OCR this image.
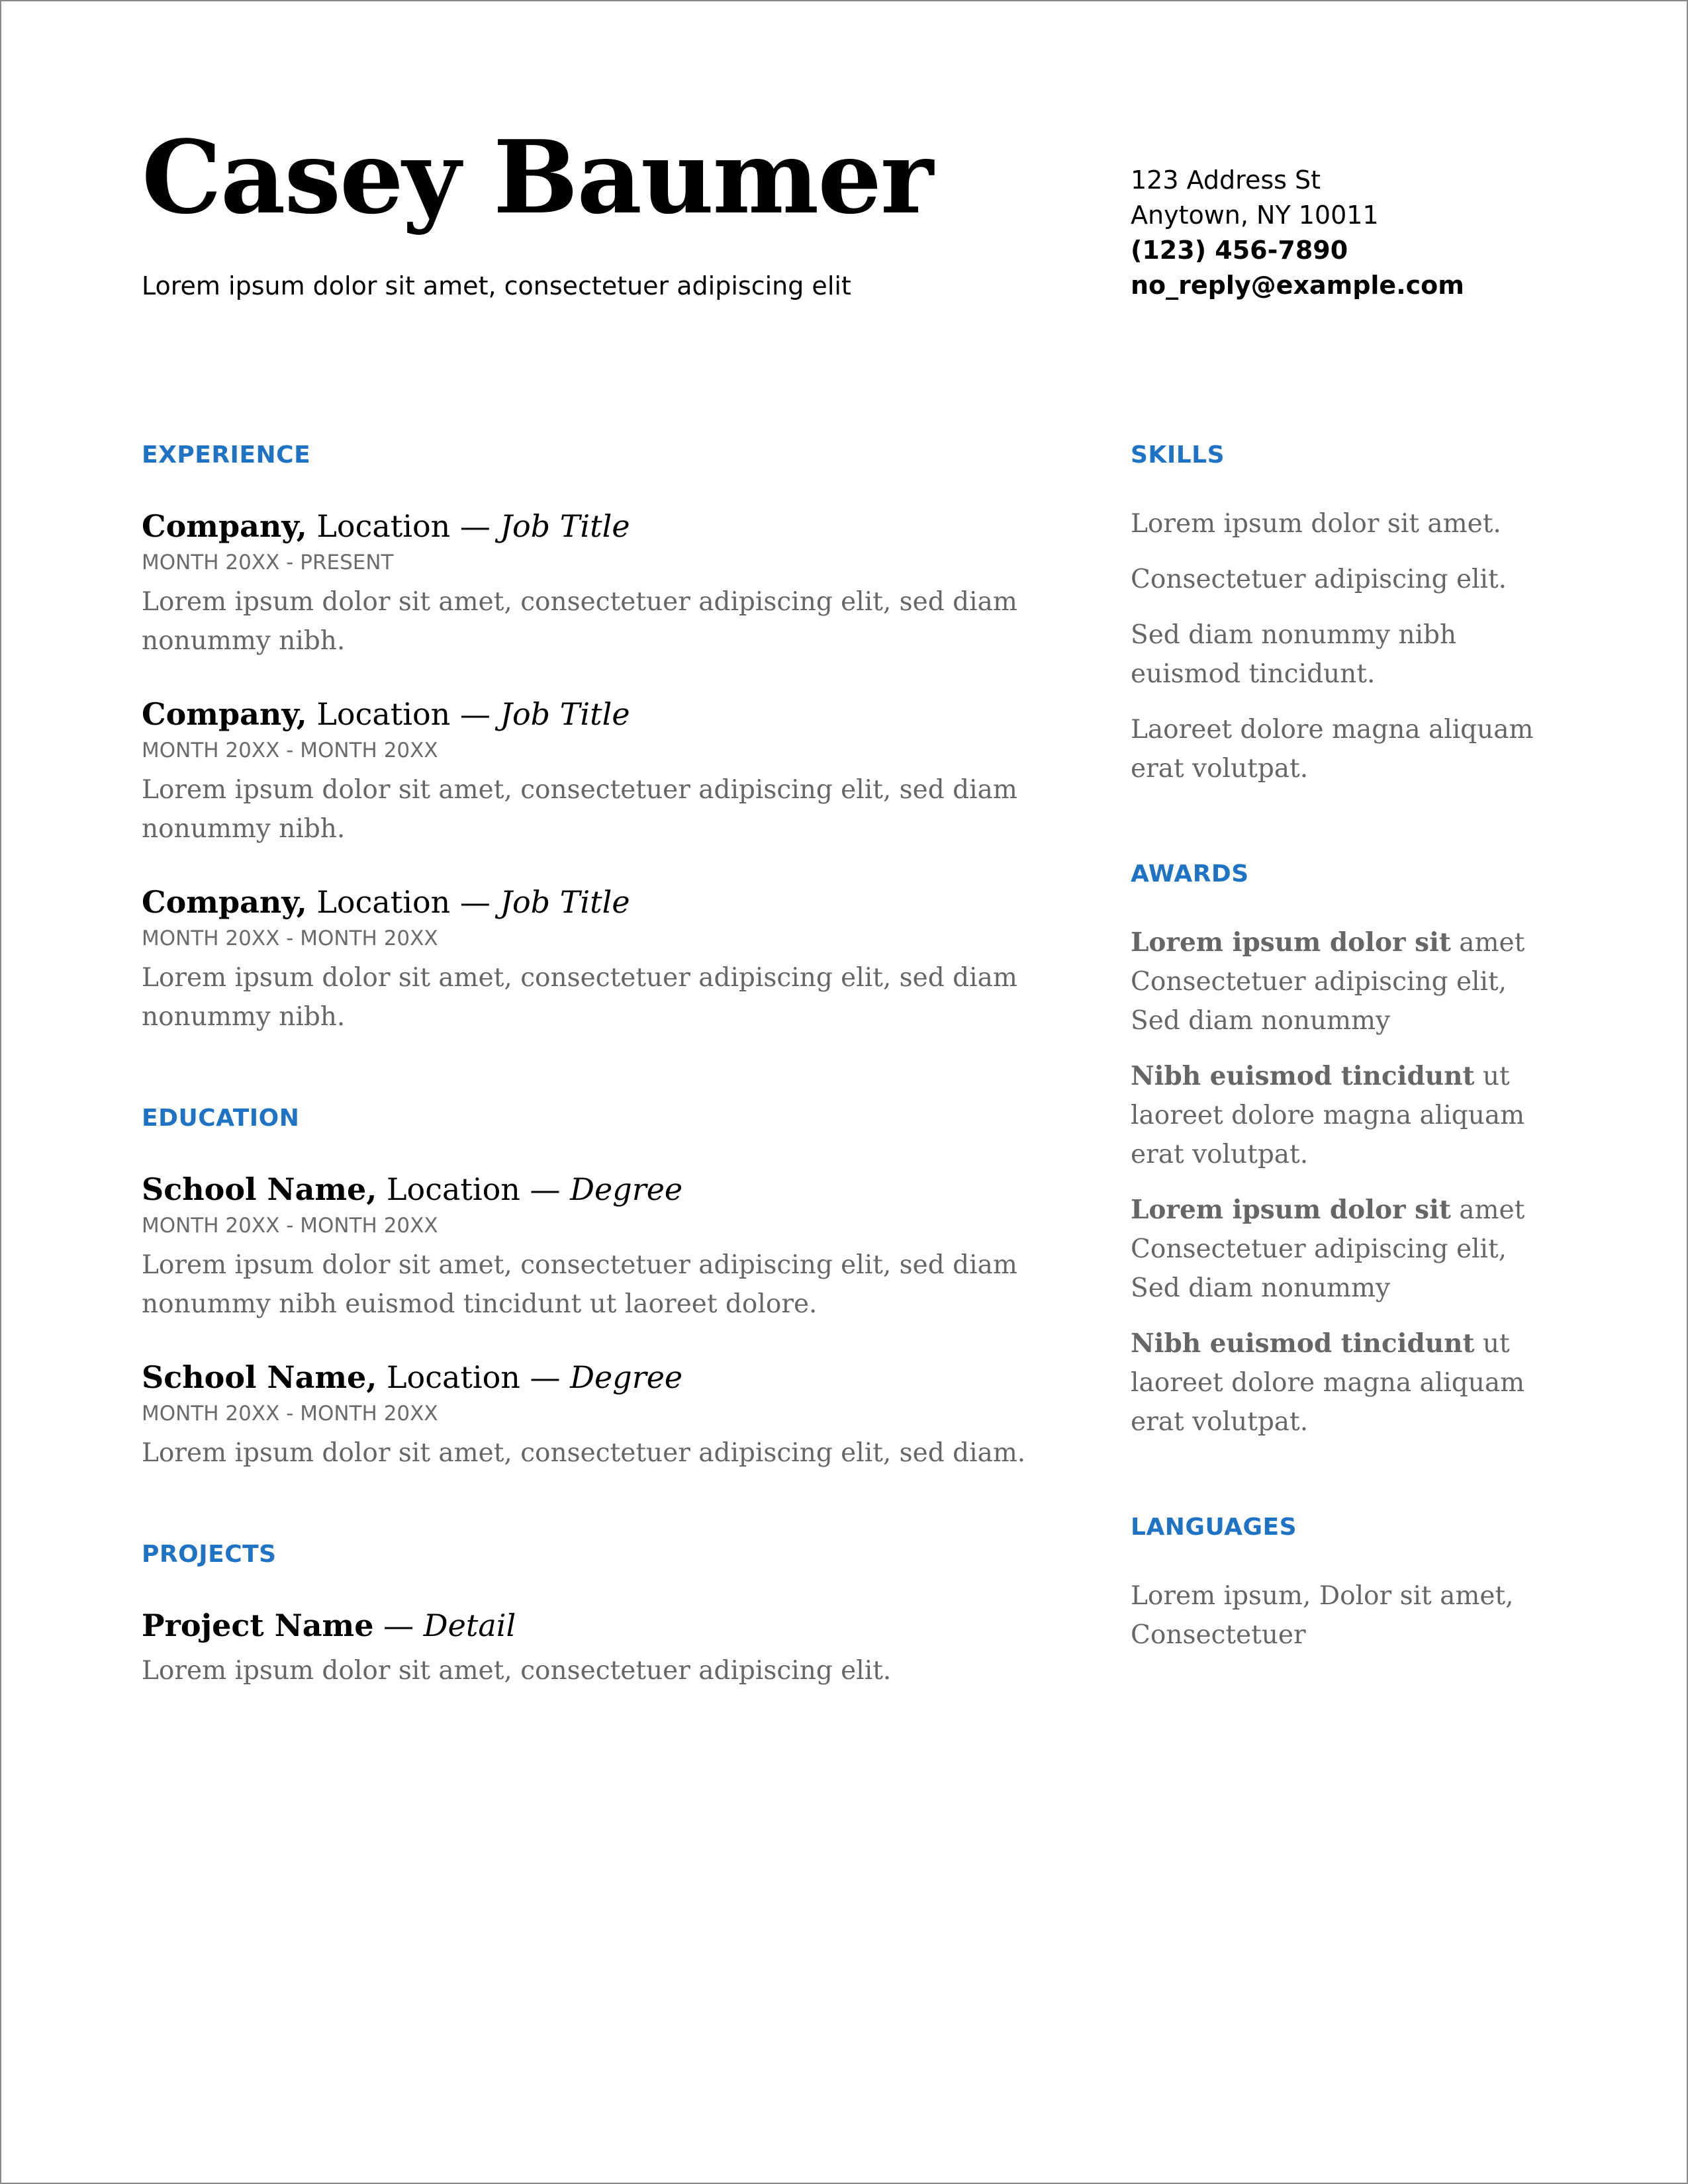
Casey Baumer
Lorem ipsum dolor sit amet, consectetuer adipiscing elit
123 Address St
Anytown, NY 10011
(123) 456-7890
no_reply@example.com
EXPERIENCE
Company, Location — Job Title
MONTH 20XX - PRESENT
Lorem ipsum dolor sit amet, consectetuer adipiscing elit, sed diam nonummy nibh.
Company, Location — Job Title
MONTH 20XX - MONTH 20XX
Lorem ipsum dolor sit amet, consectetuer adipiscing elit, sed diam nonummy nibh.
Company, Location — Job Title
MONTH 20XX - MONTH 20XX
Lorem ipsum dolor sit amet, consectetuer adipiscing elit, sed diam nonummy nibh.
EDUCATION
School Name, Location — Degree
MONTH 20XX - MONTH 20XX
Lorem ipsum dolor sit amet, consectetuer adipiscing elit, sed diam nonummy nibh euismod tincidunt ut laoreet dolore.
School Name, Location — Degree
MONTH 20XX - MONTH 20XX
Lorem ipsum dolor sit amet, consectetuer adipiscing elit, sed diam.
PROJECTS
Project Name — Detail
Lorem ipsum dolor sit amet, consectetuer adipiscing elit.
SKILLS
Lorem ipsum dolor sit amet.
Consectetuer adipiscing elit.
Sed diam nonummy nibh euismod tincidunt.
Laoreet dolore magna aliquam erat volutpat.
AWARDS
Lorem ipsum dolor sit amet Consectetuer adipiscing elit, Sed diam nonummy
Nibh euismod tincidunt ut laoreet dolore magna aliquam erat volutpat.
Lorem ipsum dolor sit amet Consectetuer adipiscing elit, Sed diam nonummy
Nibh euismod tincidunt ut laoreet dolore magna aliquam erat volutpat.
LANGUAGES
Lorem ipsum, Dolor sit amet, Consectetuer
